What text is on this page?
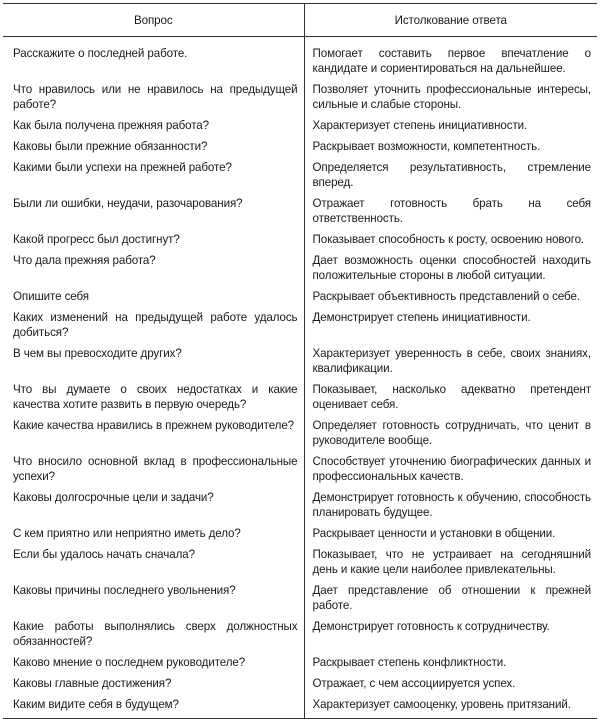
Вопрос	Истолкование ответа
Расскажите о последней работе.	Помогает составить первое впечатление о кандидате и сориентироваться на дальнейшее.
Что нравилось или не нравилось на предыдущей работе?	Позволяет уточнить профессиональные интересы, сильные и слабые стороны.
Как была получена прежняя работа?	Характеризует степень инициативности.
Каковы были прежние обязанности?	Раскрывает возможности, компетентность.
Какими были успехи на прежней работе?	Определяется результативность, стремление вперед.
Были ли ошибки, неудачи, разочарования?	Отражает готовность брать на себя ответственность.
Какой прогресс был достигнут?	Показывает способность к росту, освоению нового.
Что дала прежняя работа?	Дает возможность оценки способностей находить положительные стороны в любой ситуации.
Опишите себя	Раскрывает объективность представлений о себе.
Каких изменений на предыдущей работе удалось добиться?	Демонстрирует степень инициативности.
В чем вы превосходите других?	Характеризует уверенность в себе, своих знаниях, квалификации.
Что вы думаете о своих недостатках и какие качества хотите развить в первую очередь?	Показывает, насколько адекватно претендент оценивает себя.
Какие качества нравились в прежнем руководителе?	Определяет готовность сотрудничать, что ценит в руководителе вообще.
Что вносило основной вклад в профессиональные успехи?	Способствует уточнению биографических данных и профессиональных качеств.
Каковы долгосрочные цели и задачи?	Демонстрирует готовность к обучению, способность планировать будущее.
С кем приятно или неприятно иметь дело?	Раскрывает ценности и установки в общении.
Если бы удалось начать сначала?	Показывает, что не устраивает на сегодняшний день и какие цели наиболее привлекательны.
Каковы причины последнего увольнения?	Дает представление об отношении к прежней работе.
Какие работы выполнялись сверх должностных обязанностей?	Демонстрирует готовность к сотрудничеству.
Каково мнение о последнем руководителе?	Раскрывает степень конфликтности.
Каковы главные достижения?	Отражает, с чем ассоциируется успех.
Каким видите себя в будущем?	Характеризует самооценку, уровень притязаний.
